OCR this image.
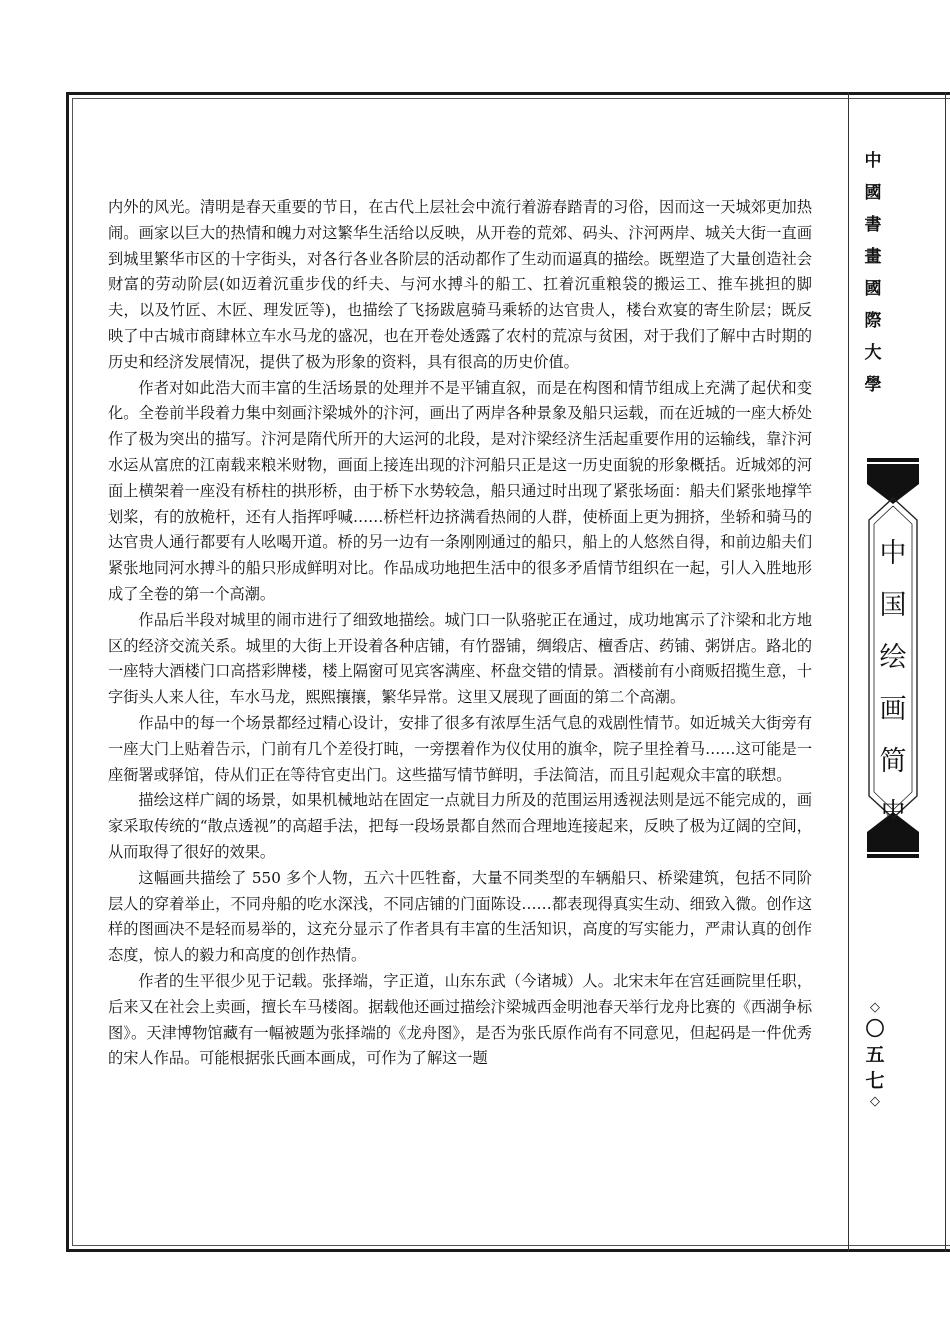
内外的风光。清明是春天重要的节日，在古代上层社会中流行着游春踏青的习俗，因而这一天城郊更加热闹。画家以巨大的热情和魄力对这繁华生活给以反映，从开卷的荒郊、码头、汴河两岸、城关大街一直画到城里繁华市区的十字街头，对各行各业各阶层的活动都作了生动而逼真的描绘。既塑造了大量创造社会财富的劳动阶层(如迈着沉重步伐的纤夫、与河水搏斗的船工、扛着沉重粮袋的搬运工、推车挑担的脚夫，以及竹匠、木匠、理发匠等)，也描绘了飞扬跋扈骑马乘轿的达官贵人，楼台欢宴的寄生阶层；既反映了中古城市商肆林立车水马龙的盛况，也在开卷处透露了农村的荒凉与贫困，对于我们了解中古时期的历史和经济发展情况，提供了极为形象的资料，具有很高的历史价值。

作者对如此浩大而丰富的生活场景的处理并不是平铺直叙，而是在构图和情节组成上充满了起伏和变化。全卷前半段着力集中刻画汴梁城外的汴河，画出了两岸各种景象及船只运载，而在近城的一座大桥处作了极为突出的描写。汴河是隋代所开的大运河的北段，是对汴梁经济生活起重要作用的运输线，靠汴河水运从富庶的江南载来粮米财物，画面上接连出现的汴河船只正是这一历史面貌的形象概括。近城郊的河面上横架着一座没有桥柱的拱形桥，由于桥下水势较急，船只通过时出现了紧张场面：船夫们紧张地撑竿划桨，有的放桅杆，还有人指挥呼喊……桥栏杆边挤满看热闹的人群，使桥面上更为拥挤，坐轿和骑马的达官贵人通行都要有人吆喝开道。桥的另一边有一条刚刚通过的船只，船上的人悠然自得，和前边船夫们紧张地同河水搏斗的船只形成鲜明对比。作品成功地把生活中的很多矛盾情节组织在一起，引人入胜地形成了全卷的第一个高潮。

作品后半段对城里的闹市进行了细致地描绘。城门口一队骆驼正在通过，成功地寓示了汴梁和北方地区的经济交流关系。城里的大街上开设着各种店铺，有竹器铺，绸缎店、檀香店、药铺、粥饼店。路北的一座特大酒楼门口高搭彩牌楼，楼上隔窗可见宾客满座、杯盘交错的情景。酒楼前有小商贩招揽生意，十字街头人来人往，车水马龙，熙熙攘攘，繁华异常。这里又展现了画面的第二个高潮。

作品中的每一个场景都经过精心设计，安排了很多有浓厚生活气息的戏剧性情节。如近城关大街旁有一座大门上贴着告示，门前有几个差役打盹，一旁摆着作为仪仗用的旗伞，院子里拴着马……这可能是一座衙署或驿馆，侍从们正在等待官吏出门。这些描写情节鲜明，手法简洁，而且引起观众丰富的联想。

描绘这样广阔的场景，如果机械地站在固定一点就目力所及的范围运用透视法则是远不能完成的，画家采取传统的“散点透视”的高超手法，把每一段场景都自然而合理地连接起来，反映了极为辽阔的空间，从而取得了很好的效果。

这幅画共描绘了 550 多个人物，五六十匹牲畜，大量不同类型的车辆船只、桥梁建筑，包括不同阶层人的穿着举止，不同舟船的吃水深浅，不同店铺的门面陈设……都表现得真实生动、细致入微。创作这样的图画决不是轻而易举的，这充分显示了作者具有丰富的生活知识，高度的写实能力，严肃认真的创作态度，惊人的毅力和高度的创作热情。

作者的生平很少见于记载。张择端，字正道，山东东武（今诸城）人。北宋末年在宫廷画院里任职，后来又在社会上卖画，擅长车马楼阁。据载他还画过描绘汴梁城西金明池春天举行龙舟比赛的《西湖争标图》。天津博物馆藏有一幅被题为张择端的《龙舟图》，是否为张氏原作尚有不同意见，但起码是一件优秀的宋人作品。可能根据张氏画本画成，可作为了解这一题

中
國
書
畫
國
際
大
學
中
国
绘
画
简
史
◇
〇
五
七
◇
